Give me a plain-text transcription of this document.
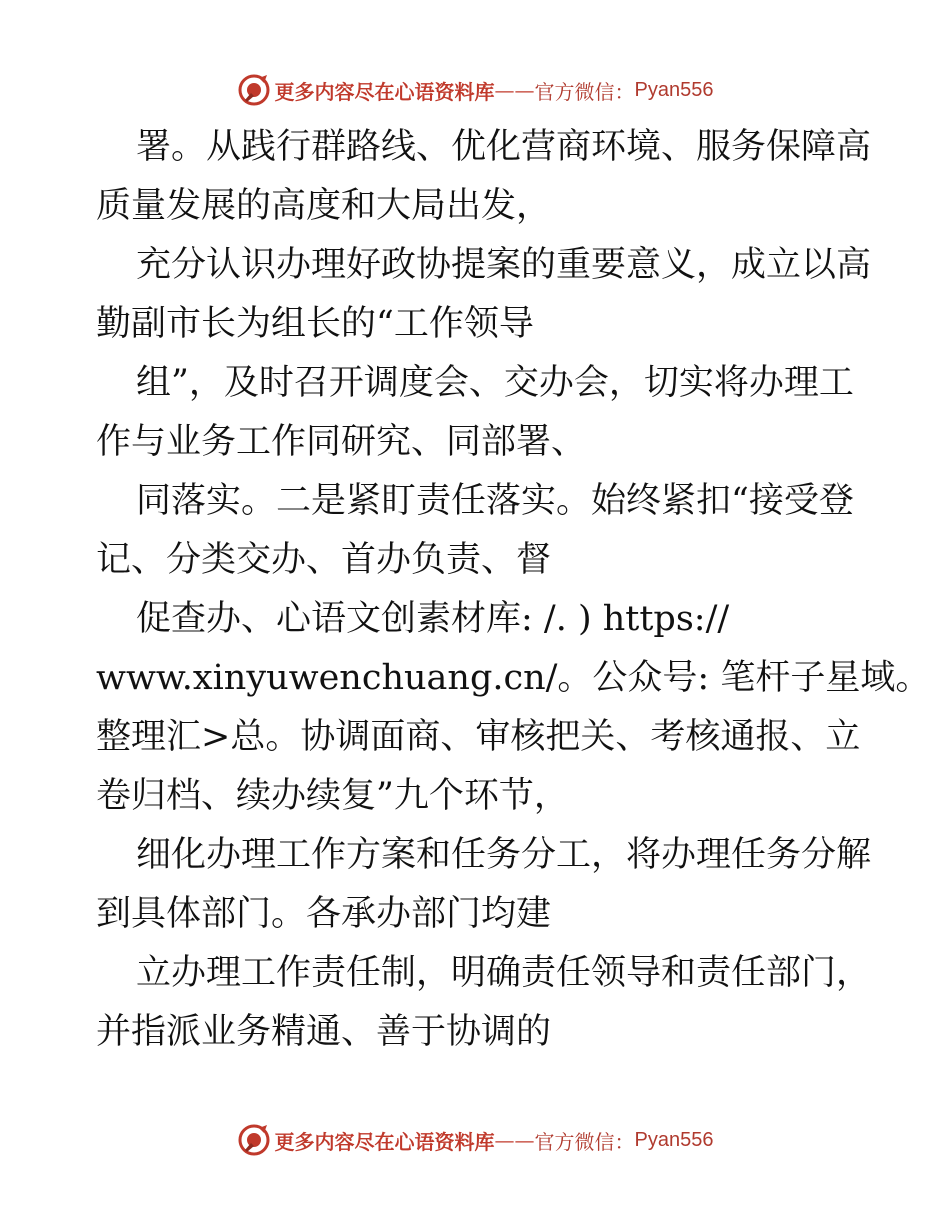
更多内容尽在心语资料库 —— 官方微信： Pyan556
署。从践行群路线、优化营商环境、服务保障高
质量发展的高度和大局出发，
充分认识办理好政协提案的重要意义，成立以高
勤副市长为组长的“工作领导
组”，及时召开调度会、交办会，切实将办理工
作与业务工作同研究、同部署、
同落实。二是紧盯责任落实。始终紧扣“接受登
记、分类交办、首办负责、督
促查办、心语文创素材库: /. ) https://
www.xinyuwenchuang.cn/。公众号: 笔杆子星域。
整理汇>总。协调面商、审核把关、考核通报、立
卷归档、续办续复”九个环节，
细化办理工作方案和任务分工，将办理任务分解
到具体部门。各承办部门均建
立办理工作责任制，明确责任领导和责任部门，
并指派业务精通、善于协调的
更多内容尽在心语资料库 —— 官方微信： Pyan556
